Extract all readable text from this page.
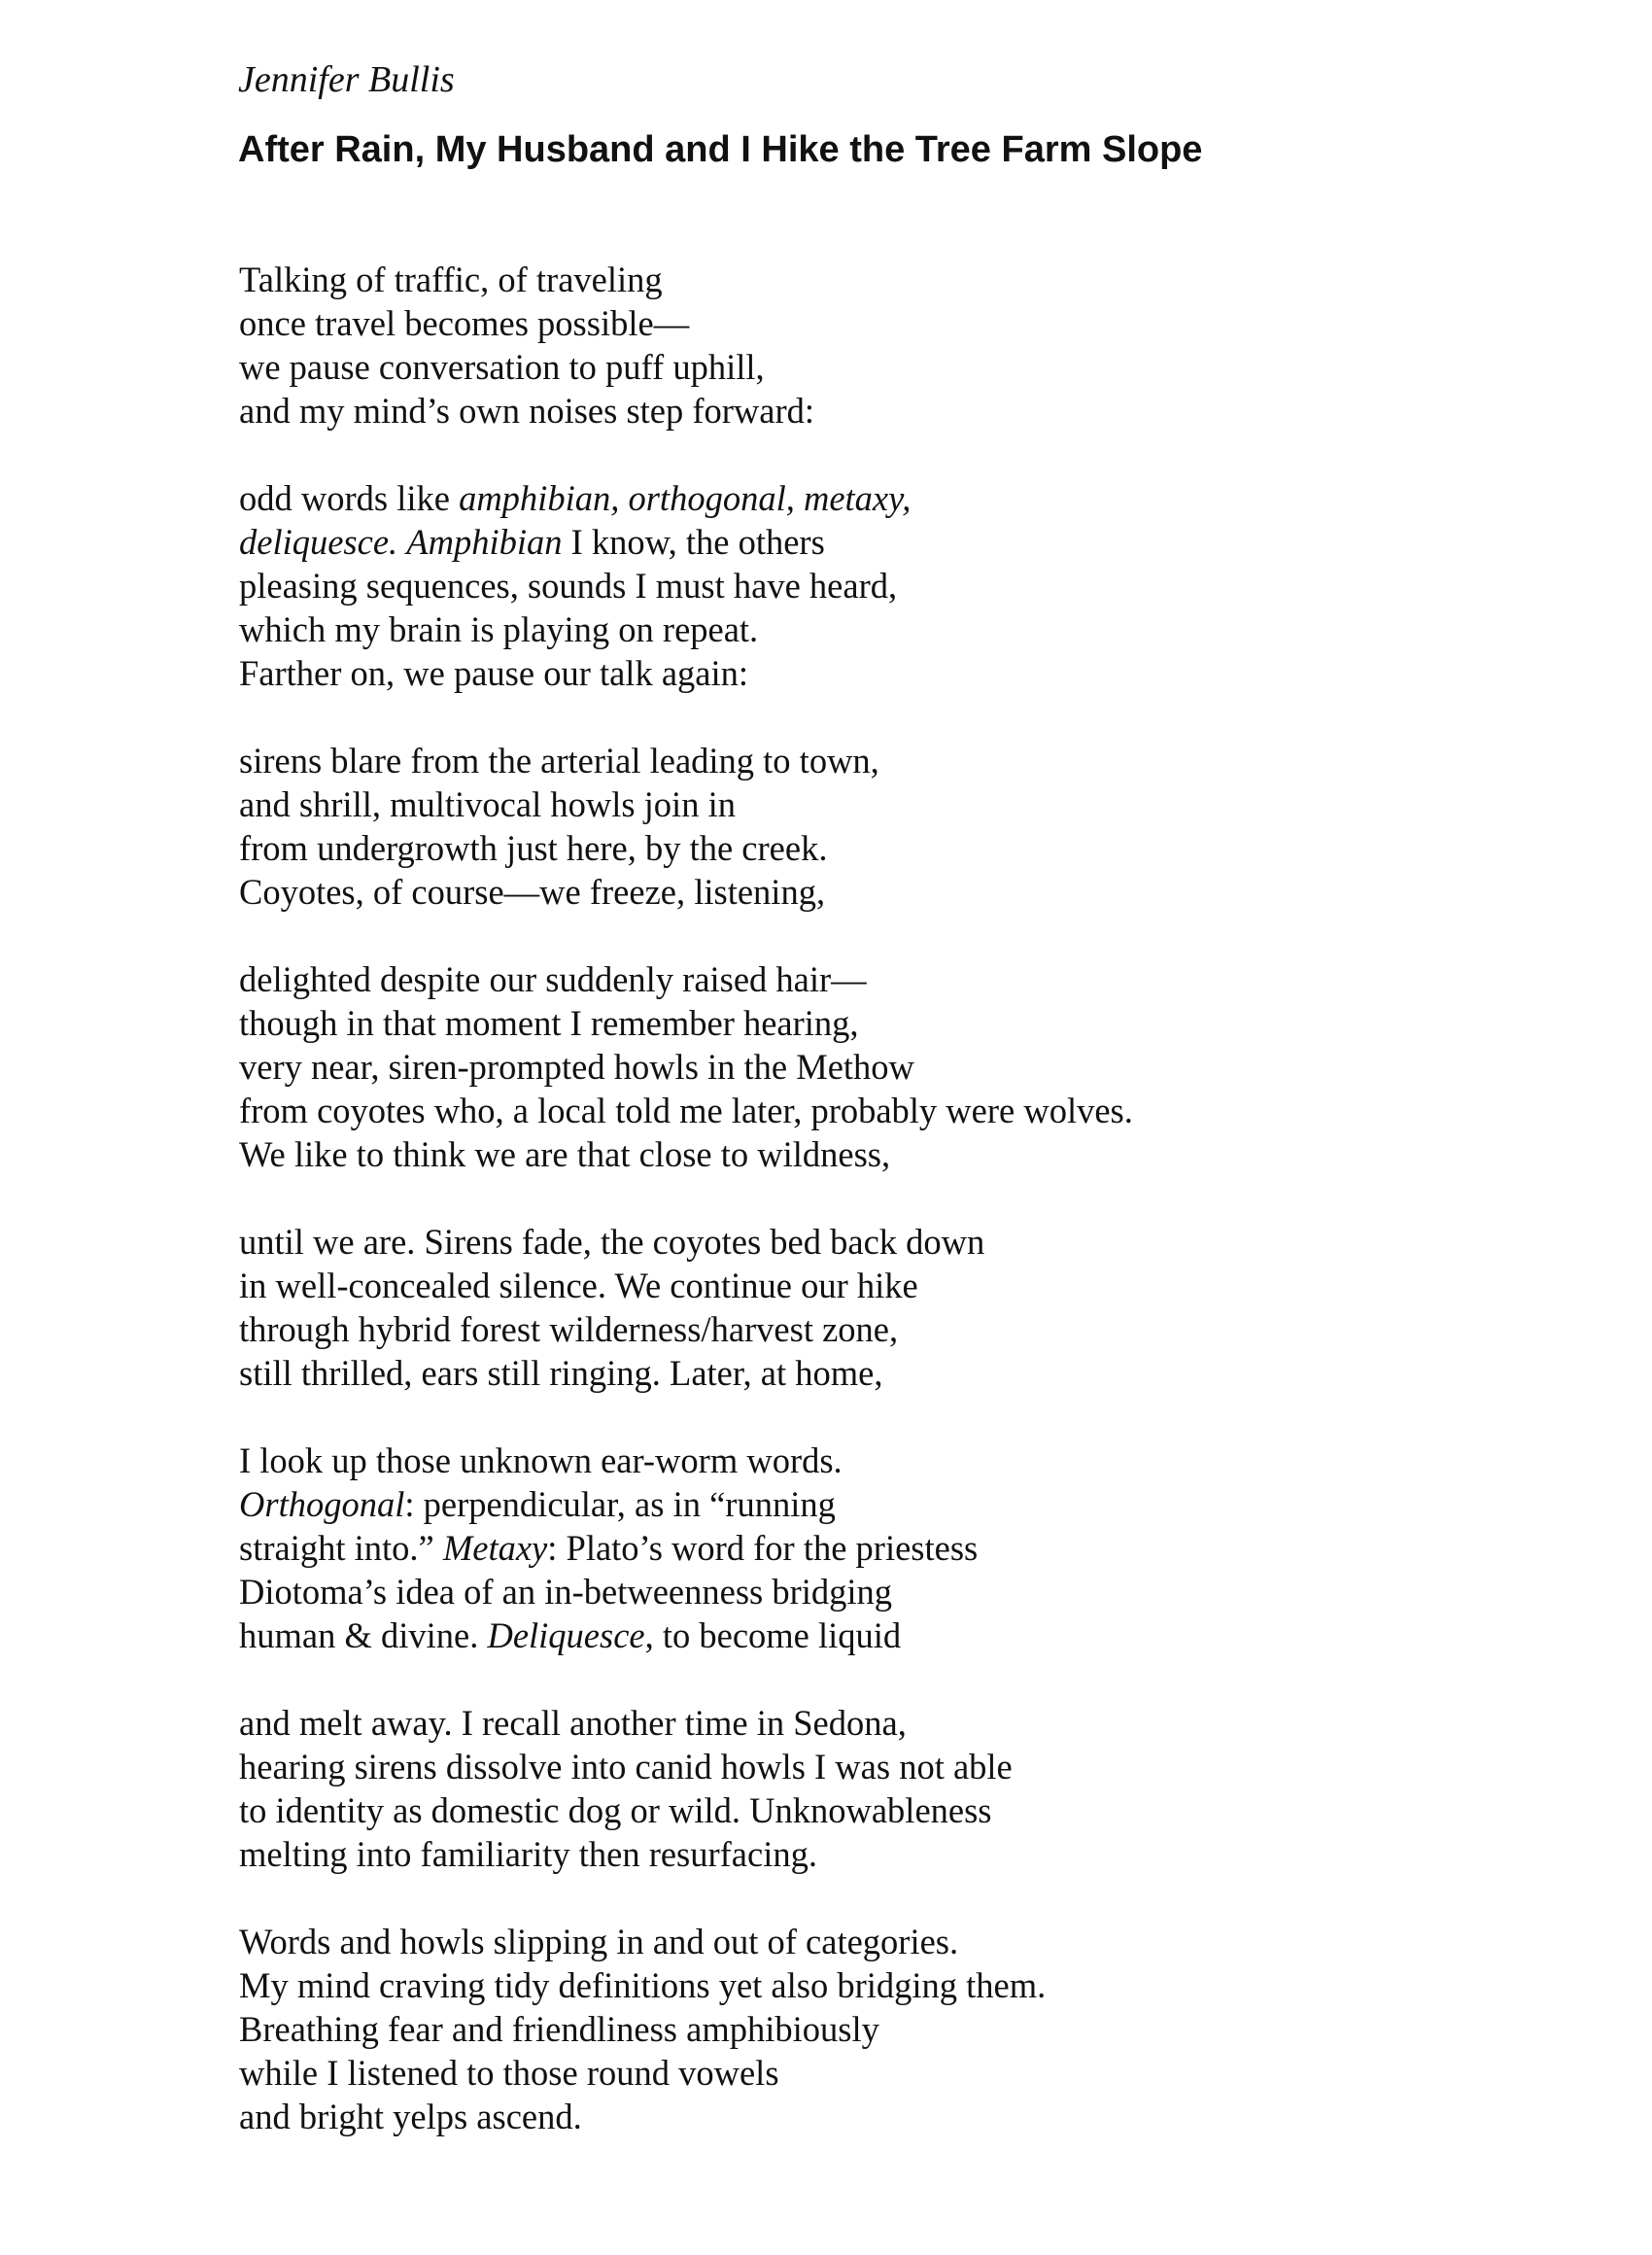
Jennifer Bullis

After Rain, My Husband and I Hike the Tree Farm Slope
Talking of traffic, of traveling
once travel becomes possible—
we pause conversation to puff uphill,
and my mind’s own noises step forward:
odd words like amphibian, orthogonal, metaxy,
deliquesce. Amphibian I know, the others
pleasing sequences, sounds I must have heard,
which my brain is playing on repeat.
Farther on, we pause our talk again:
sirens blare from the arterial leading to town,
and shrill, multivocal howls join in
from undergrowth just here, by the creek.
Coyotes, of course—we freeze, listening,
delighted despite our suddenly raised hair—
though in that moment I remember hearing,
very near, siren-prompted howls in the Methow
from coyotes who, a local told me later, probably were wolves.
We like to think we are that close to wildness,
until we are. Sirens fade, the coyotes bed back down
in well-concealed silence. We continue our hike
through hybrid forest wilderness/harvest zone,
still thrilled, ears still ringing. Later, at home,
I look up those unknown ear-worm words.
Orthogonal: perpendicular, as in “running
straight into.” Metaxy: Plato’s word for the priestess
Diotoma’s idea of an in-betweenness bridging
human & divine. Deliquesce, to become liquid
and melt away. I recall another time in Sedona,
hearing sirens dissolve into canid howls I was not able
to identity as domestic dog or wild. Unknowableness
melting into familiarity then resurfacing.
Words and howls slipping in and out of categories.
My mind craving tidy definitions yet also bridging them.
Breathing fear and friendliness amphibiously
while I listened to those round vowels
and bright yelps ascend.
